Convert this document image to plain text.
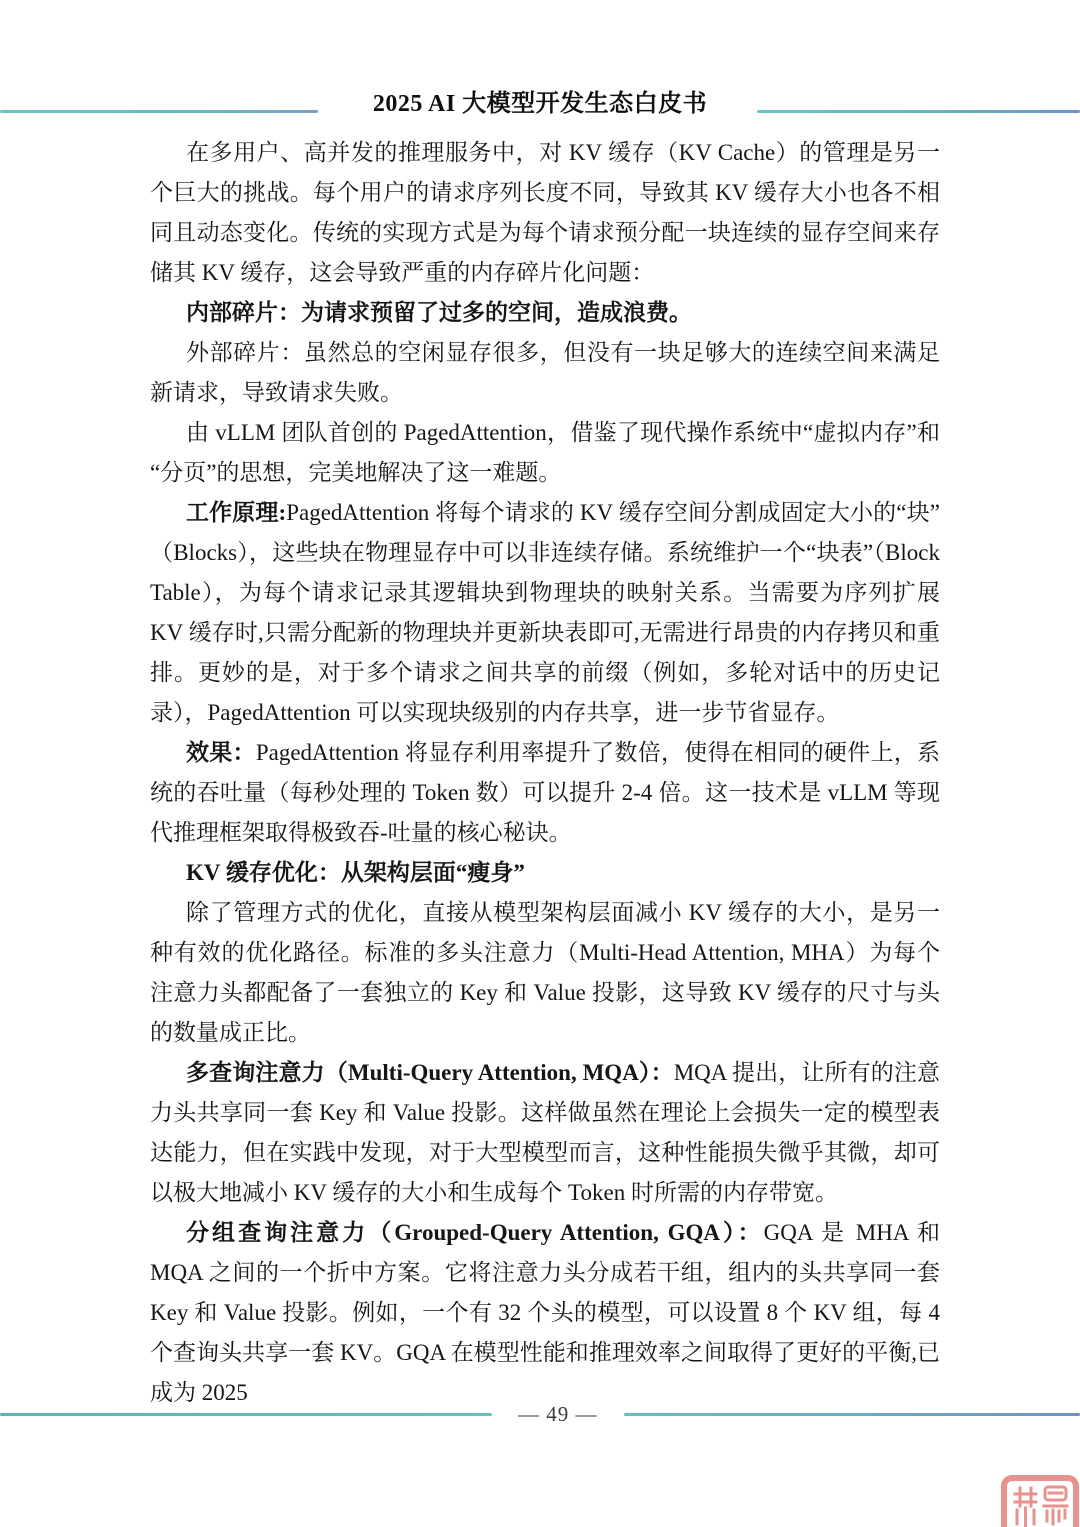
2025 AI 大模型开发生态白皮书

在多用户、高并发的推理服务中，对 KV 缓存（KV Cache）的管理是另一个巨大的挑战。每个用户的请求序列长度不同，导致其 KV 缓存大小也各不相同且动态变化。传统的实现方式是为每个请求预分配一块连续的显存空间来存储其 KV 缓存，这会导致严重的内存碎片化问题：

内部碎片：为请求预留了过多的空间，造成浪费。

外部碎片：虽然总的空闲显存很多，但没有一块足够大的连续空间来满足新请求，导致请求失败。

由 vLLM 团队首创的 PagedAttention，借鉴了现代操作系统中“虚拟内存”和“分页”的思想，完美地解决了这一难题。

工作原理:PagedAttention 将每个请求的 KV 缓存空间分割成固定大小的“块”（Blocks），这些块在物理显存中可以非连续存储。系统维护一个“块表”（Block Table），为每个请求记录其逻辑块到物理块的映射关系。当需要为序列扩展 KV 缓存时,只需分配新的物理块并更新块表即可,无需进行昂贵的内存拷贝和重排。更妙的是，对于多个请求之间共享的前缀（例如，多轮对话中的历史记录），PagedAttention 可以实现块级别的内存共享，进一步节省显存。

效果：PagedAttention 将显存利用率提升了数倍，使得在相同的硬件上，系统的吞吐量（每秒处理的 Token 数）可以提升 2-4 倍。这一技术是 vLLM 等现代推理框架取得极致吞-吐量的核心秘诀。

KV 缓存优化：从架构层面“瘦身”

除了管理方式的优化，直接从模型架构层面减小 KV 缓存的大小，是另一种有效的优化路径。标准的多头注意力（Multi-Head Attention, MHA）为每个注意力头都配备了一套独立的 Key 和 Value 投影，这导致 KV 缓存的尺寸与头的数量成正比。

多查询注意力（Multi-Query Attention, MQA）：MQA 提出，让所有的注意力头共享同一套 Key 和 Value 投影。这样做虽然在理论上会损失一定的模型表达能力，但在实践中发现，对于大型模型而言，这种性能损失微乎其微，却可以极大地减小 KV 缓存的大小和生成每个 Token 时所需的内存带宽。

分组查询注意力（Grouped-Query Attention, GQA）：GQA 是 MHA 和 MQA 之间的一个折中方案。它将注意力头分成若干组，组内的头共享同一套 Key 和 Value 投影。例如，一个有 32 个头的模型，可以设置 8 个 KV 组，每 4 个查询头共享一套 KV。GQA 在模型性能和推理效率之间取得了更好的平衡,已成为 2025

— 49 —
